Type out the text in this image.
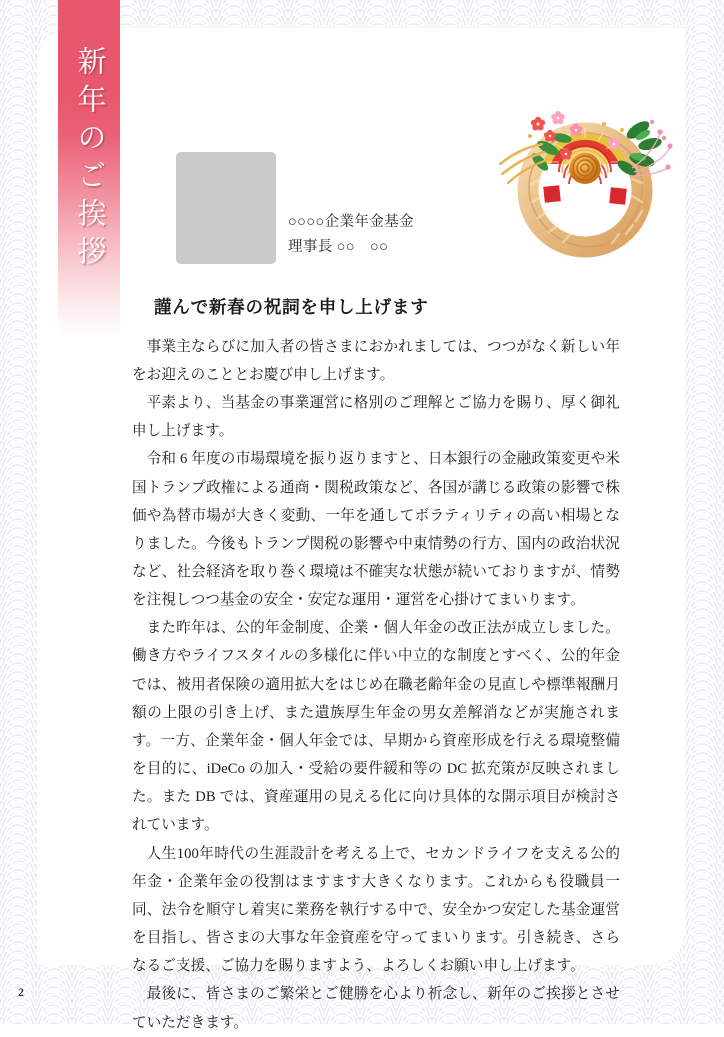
新年のご挨拶	○○○○企業年金基金
理事長 ○○　○○
謹んで新春の祝詞を申し上げます

事業主ならびに加入者の皆さまにおかれましては、つつがなく新しい年をお迎えのこととお慶び申し上げます。

平素より、当基金の事業運営に格別のご理解とご協力を賜り、厚く御礼申し上げます。

令和 6 年度の市場環境を振り返りますと、日本銀行の金融政策変更や米国トランプ政権による通商・関税政策など、各国が講じる政策の影響で株価や為替市場が大きく変動、一年を通してボラティリティの高い相場となりました。今後もトランプ関税の影響や中東情勢の行方、国内の政治状況など、社会経済を取り巻く環境は不確実な状態が続いておりますが、情勢を注視しつつ基金の安全・安定な運用・運営を心掛けてまいります。

また昨年は、公的年金制度、企業・個人年金の改正法が成立しました。働き方やライフスタイルの多様化に伴い中立的な制度とすべく、公的年金では、被用者保険の適用拡大をはじめ在職老齢年金の見直しや標準報酬月額の上限の引き上げ、また遺族厚生年金の男女差解消などが実施されます。一方、企業年金・個人年金では、早期から資産形成を行える環境整備を目的に、iDeCo の加入・受給の要件緩和等の DC 拡充策が反映されました。また DB では、資産運用の見える化に向け具体的な開示項目が検討されています。

人生100年時代の生涯設計を考える上で、セカンドライフを支える公的年金・企業年金の役割はますます大きくなります。これからも役職員一同、法令を順守し着実に業務を執行する中で、安全かつ安定した基金運営を目指し、皆さまの大事な年金資産を守ってまいります。引き続き、さらなるご支援、ご協力を賜りますよう、よろしくお願い申し上げます。

最後に、皆さまのご繁栄とご健勝を心より祈念し、新年のご挨拶とさせていただきます。

2
